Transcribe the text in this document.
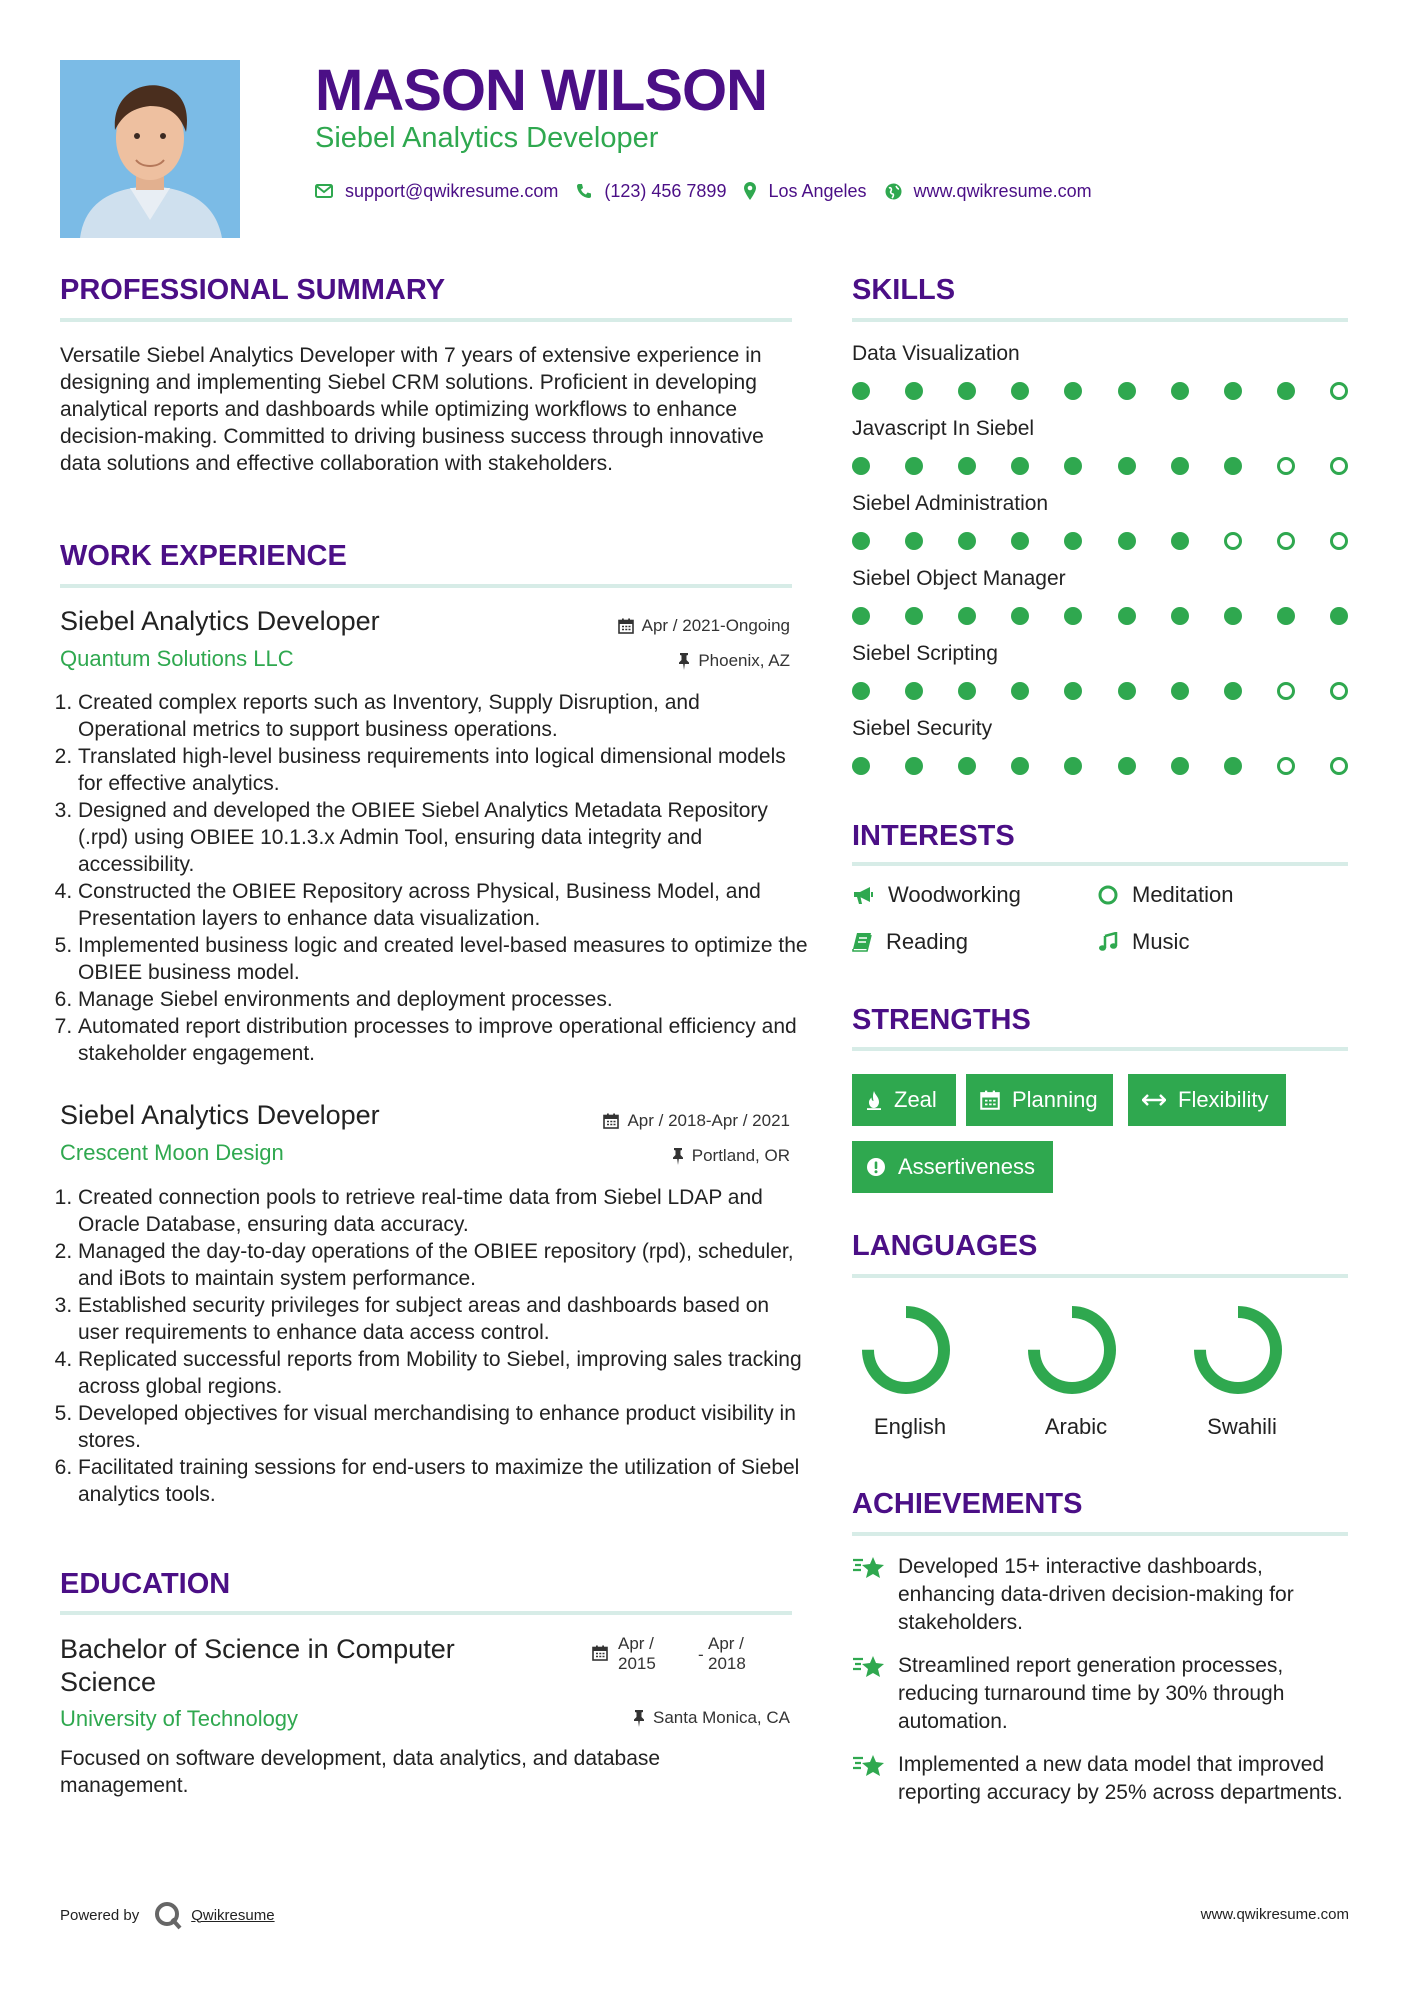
MASON WILSON
Siebel Analytics Developer
support@qwikresume.com	(123) 456 7899 Los Angeles	www.qwikresume.com
PROFESSIONAL SUMMARY
Versatile Siebel Analytics Developer with 7 years of extensive experience in designing and implementing Siebel CRM solutions. Proficient in developing analytical reports and dashboards while optimizing workflows to enhance decision-making. Committed to driving business success through innovative data solutions and effective collaboration with stakeholders.
WORK EXPERIENCE
Siebel Analytics Developer	Apr / 2021-Ongoing
Quantum Solutions LLC	Phoenix, AZ
1. Created complex reports such as Inventory, Supply Disruption, and Operational metrics to support business operations.
2. Translated high-level business requirements into logical dimensional models for effective analytics.
3. Designed and developed the OBIEE Siebel Analytics Metadata Repository (.rpd) using OBIEE 10.1.3.x Admin Tool, ensuring data integrity and accessibility.
4. Constructed the OBIEE Repository across Physical, Business Model, and Presentation layers to enhance data visualization.
5. Implemented business logic and created level-based measures to optimize the OBIEE business model.
6. Manage Siebel environments and deployment processes.
7. Automated report distribution processes to improve operational efficiency and stakeholder engagement.
Siebel Analytics Developer	Apr / 2018-Apr / 2021
Crescent Moon Design	Portland, OR
1. Created connection pools to retrieve real-time data from Siebel LDAP and Oracle Database, ensuring data accuracy.
2. Managed the day-to-day operations of the OBIEE repository (rpd), scheduler, and iBots to maintain system performance.
3. Established security privileges for subject areas and dashboards based on user requirements to enhance data access control.
4. Replicated successful reports from Mobility to Siebel, improving sales tracking across global regions.
5. Developed objectives for visual merchandising to enhance product visibility in stores.
6. Facilitated training sessions for end-users to maximize the utilization of Siebel analytics tools.
EDUCATION
Bachelor of Science in Computer Science
Apr /
2015 -
Apr /
2018
University of Technology	Santa Monica, CA
Focused on software development, data analytics, and database management.
SKILLS
Data Visualization
Javascript In Siebel
Siebel Administration
Siebel Object Manager
Siebel Scripting
Siebel Security
INTERESTS
Woodworking	Meditation
Reading	Music
STRENGTHS
Zeal	Planning	Flexibility
Assertiveness
LANGUAGES
English	Arabic	Swahili
ACHIEVEMENTS
Developed 15+ interactive dashboards, enhancing data-driven decision-making for stakeholders.
Streamlined report generation processes, reducing turnaround time by 30% through automation.
Implemented a new data model that improved reporting accuracy by 25% across departments.
Powered by	Qwikresume	www.qwikresume.com
